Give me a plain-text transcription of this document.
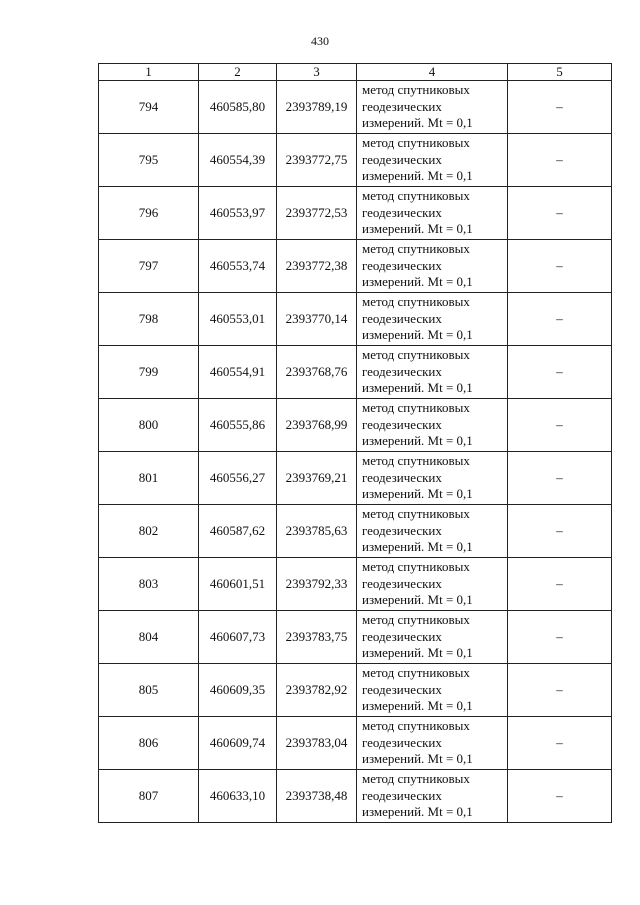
430
1	2	3	4	5
794	460585,80	2393789,19	метод спутниковых
геодезических
измерений. Mt = 0,1	–
795	460554,39	2393772,75	метод спутниковых
геодезических
измерений. Mt = 0,1	–
796	460553,97	2393772,53	метод спутниковых
геодезических
измерений. Mt = 0,1	–
797	460553,74	2393772,38	метод спутниковых
геодезических
измерений. Mt = 0,1	–
798	460553,01	2393770,14	метод спутниковых
геодезических
измерений. Mt = 0,1	–
799	460554,91	2393768,76	метод спутниковых
геодезических
измерений. Mt = 0,1	–
800	460555,86	2393768,99	метод спутниковых
геодезических
измерений. Mt = 0,1	–
801	460556,27	2393769,21	метод спутниковых
геодезических
измерений. Mt = 0,1	–
802	460587,62	2393785,63	метод спутниковых
геодезических
измерений. Mt = 0,1	–
803	460601,51	2393792,33	метод спутниковых
геодезических
измерений. Mt = 0,1	–
804	460607,73	2393783,75	метод спутниковых
геодезических
измерений. Mt = 0,1	–
805	460609,35	2393782,92	метод спутниковых
геодезических
измерений. Mt = 0,1	–
806	460609,74	2393783,04	метод спутниковых
геодезических
измерений. Mt = 0,1	–
807	460633,10	2393738,48	метод спутниковых
геодезических
измерений. Mt = 0,1	–
